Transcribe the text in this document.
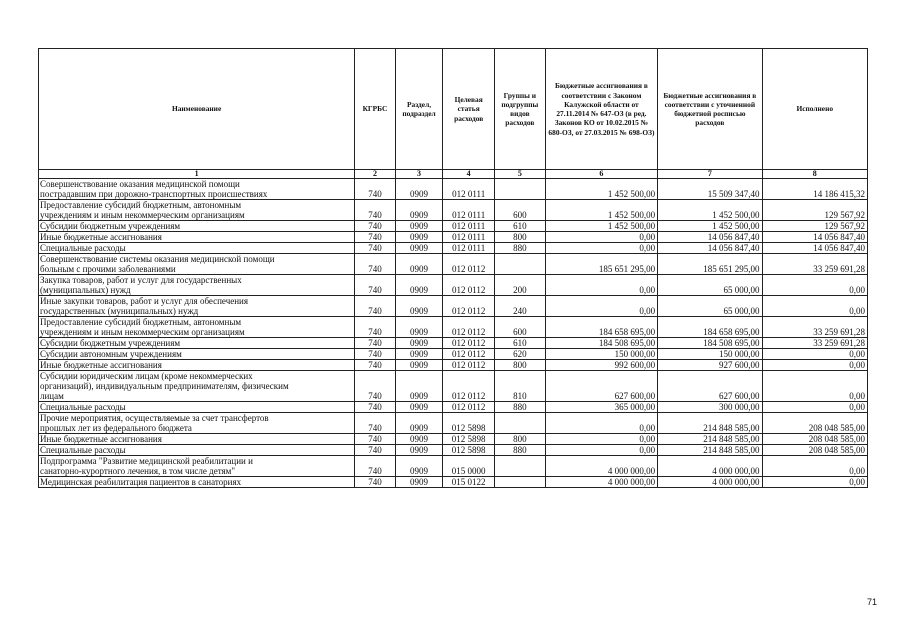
Наименование	КГРБС	Раздел, подраздел	Целевая статья расходов	Группы и подгруппы видов расходов	Бюджетные ассигнования в соответствии с Законом Калужской области от 27.11.2014 № 647-ОЗ (в ред. Законов КО от 10.02.2015 № 680-ОЗ, от 27.03.2015 № 698-ОЗ)	Бюджетные ассигнования в соответствии с уточненной бюджетной росписью расходов	Исполнено
1	2	3	4	5	6	7	8

Совершенствование оказания медицинской помощи
пострадавшим при дорожно-транспортных происшествиях	740	0909	012 0111		1 452 500,00	15 509 347,40	14 186 415,32

Предоставление субсидий бюджетным, автономным
учреждениям и иным некоммерческим организациям	740	0909	012 0111	600	1 452 500,00	1 452 500,00	129 567,92

Субсидии бюджетным учреждениям	740	0909	012 0111	610	1 452 500,00	1 452 500,00	129 567,92

Иные бюджетные ассигнования	740	0909	012 0111	800	0,00	14 056 847,40	14 056 847,40

Специальные расходы	740	0909	012 0111	880	0,00	14 056 847,40	14 056 847,40

Совершенствование системы оказания медицинской помощи
больным с прочими заболеваниями	740	0909	012 0112		185 651 295,00	185 651 295,00	33 259 691,28

Закупка товаров, работ и услуг для государственных
(муниципальных) нужд	740	0909	012 0112	200	0,00	65 000,00	0,00

Иные закупки товаров, работ и услуг для обеспечения
государственных (муниципальных) нужд	740	0909	012 0112	240	0,00	65 000,00	0,00

Предоставление субсидий бюджетным, автономным
учреждениям и иным некоммерческим организациям	740	0909	012 0112	600	184 658 695,00	184 658 695,00	33 259 691,28

Субсидии бюджетным учреждениям	740	0909	012 0112	610	184 508 695,00	184 508 695,00	33 259 691,28

Субсидии автономным учреждениям	740	0909	012 0112	620	150 000,00	150 000,00	0,00

Иные бюджетные ассигнования	740	0909	012 0112	800	992 600,00	927 600,00	0,00

Субсидии юридическим лицам (кроме некоммерческих
организаций), индивидуальным предпринимателям, физическим
лицам	740	0909	012 0112	810	627 600,00	627 600,00	0,00

Специальные расходы	740	0909	012 0112	880	365 000,00	300 000,00	0,00

Прочие мероприятия, осуществляемые за счет трансфертов
прошлых лет из федерального бюджета	740	0909	012 5898		0,00	214 848 585,00	208 048 585,00

Иные бюджетные ассигнования	740	0909	012 5898	800	0,00	214 848 585,00	208 048 585,00

Специальные расходы	740	0909	012 5898	880	0,00	214 848 585,00	208 048 585,00

Подпрограмма "Развитие медицинской реабилитации и
санаторно-курортного лечения, в том числе детям"	740	0909	015 0000		4 000 000,00	4 000 000,00	0,00

Медицинская реабилитация пациентов в санаториях	740	0909	015 0122		4 000 000,00	4 000 000,00	0,00
71
